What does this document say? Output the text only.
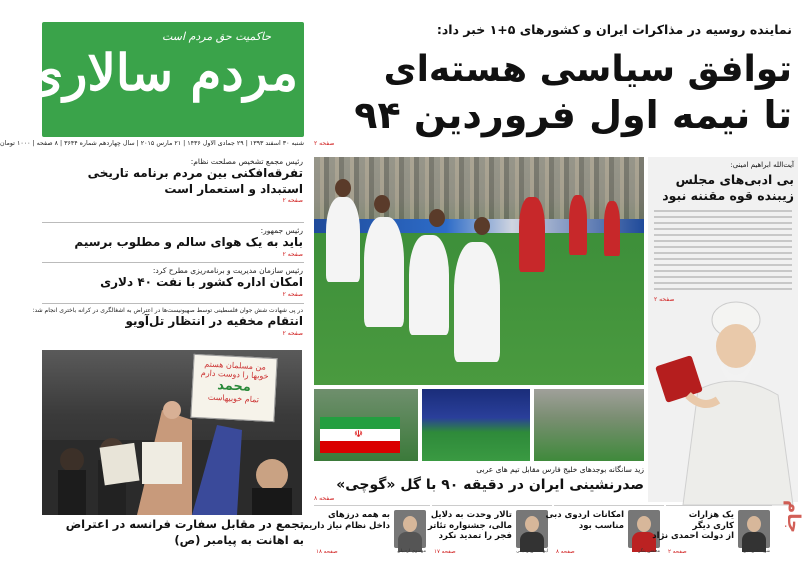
حاکمیت حق مردم است
مردم سالاری
شنبه ۳۰ اسفند ۱۳۹۳ | ۲۹ جمادی الاول ۱۴۳۶ | ۲۱ مارس ۲۰۱۵ | سال چهاردهم شماره ۳۶۴۴ | ۸ صفحه | ۱۰۰۰ تومان
نماینده روسیه در مذاکرات ایران و کشورهای ۵+۱ خبر داد:
توافق سیاسی هسته‌ای
تا نیمه اول فروردین ۹۴
صفحه ۲
رئیس مجمع تشخیص مصلحت نظام:
تفرقه‌افکنی بین مردم برنامه تاریخی
استبداد و استعمار است
صفحه ۲
رئیس جمهور:
باید به یک هوای سالم و مطلوب برسیم
صفحه ۲
رئیس سازمان مدیریت و برنامه‌ریزی مطرح کرد:
امکان اداره کشور با نفت ۴۰ دلاری
صفحه ۲
در پی شهادت شش جوان فلسطینی توسط صهیونیست‌ها در اعتراض به اشغالگری در کرانه باختری انجام شد:
انتقام مخفیه در انتظار تل‌آویو
صفحه ۲
من مسلمان هستم
خوبها را دوست دارم
محمد
تمام خوبیهاست
تجمع در مقابل سفارت فرانسه در اعتراض
به اهانت به پیامبر (ص)
☫
زید سانگانه بوجدهای خلیج فارس مقابل تیم های عربی
صدرنشینی ایران در دقیقه ۹۰ با گل «گوچی»
صفحه ۸
آیت‌الله ابراهیم امینی:
بی ادبی‌های مجلس
زیبنده قوه مقننه نبود
صفحه ۲
به همه درزهای
داخل نظام نیاز داریم
موسوی اردبیلی
صفحه ۱۸
تالار وحدت به دلایل
مالی، جشنواره تئاتر
فجر را تمدید نکرد
ابوالحسن رحیمی
صفحه ۱۷
امکانات اردوی دبی
مناسب بود
محسن بنگر
صفحه ۸
یک هزارات
کاری دیگر
از دولت احمدی نژاد
شهید علی‌اکبر
صفحه ۲
جام
